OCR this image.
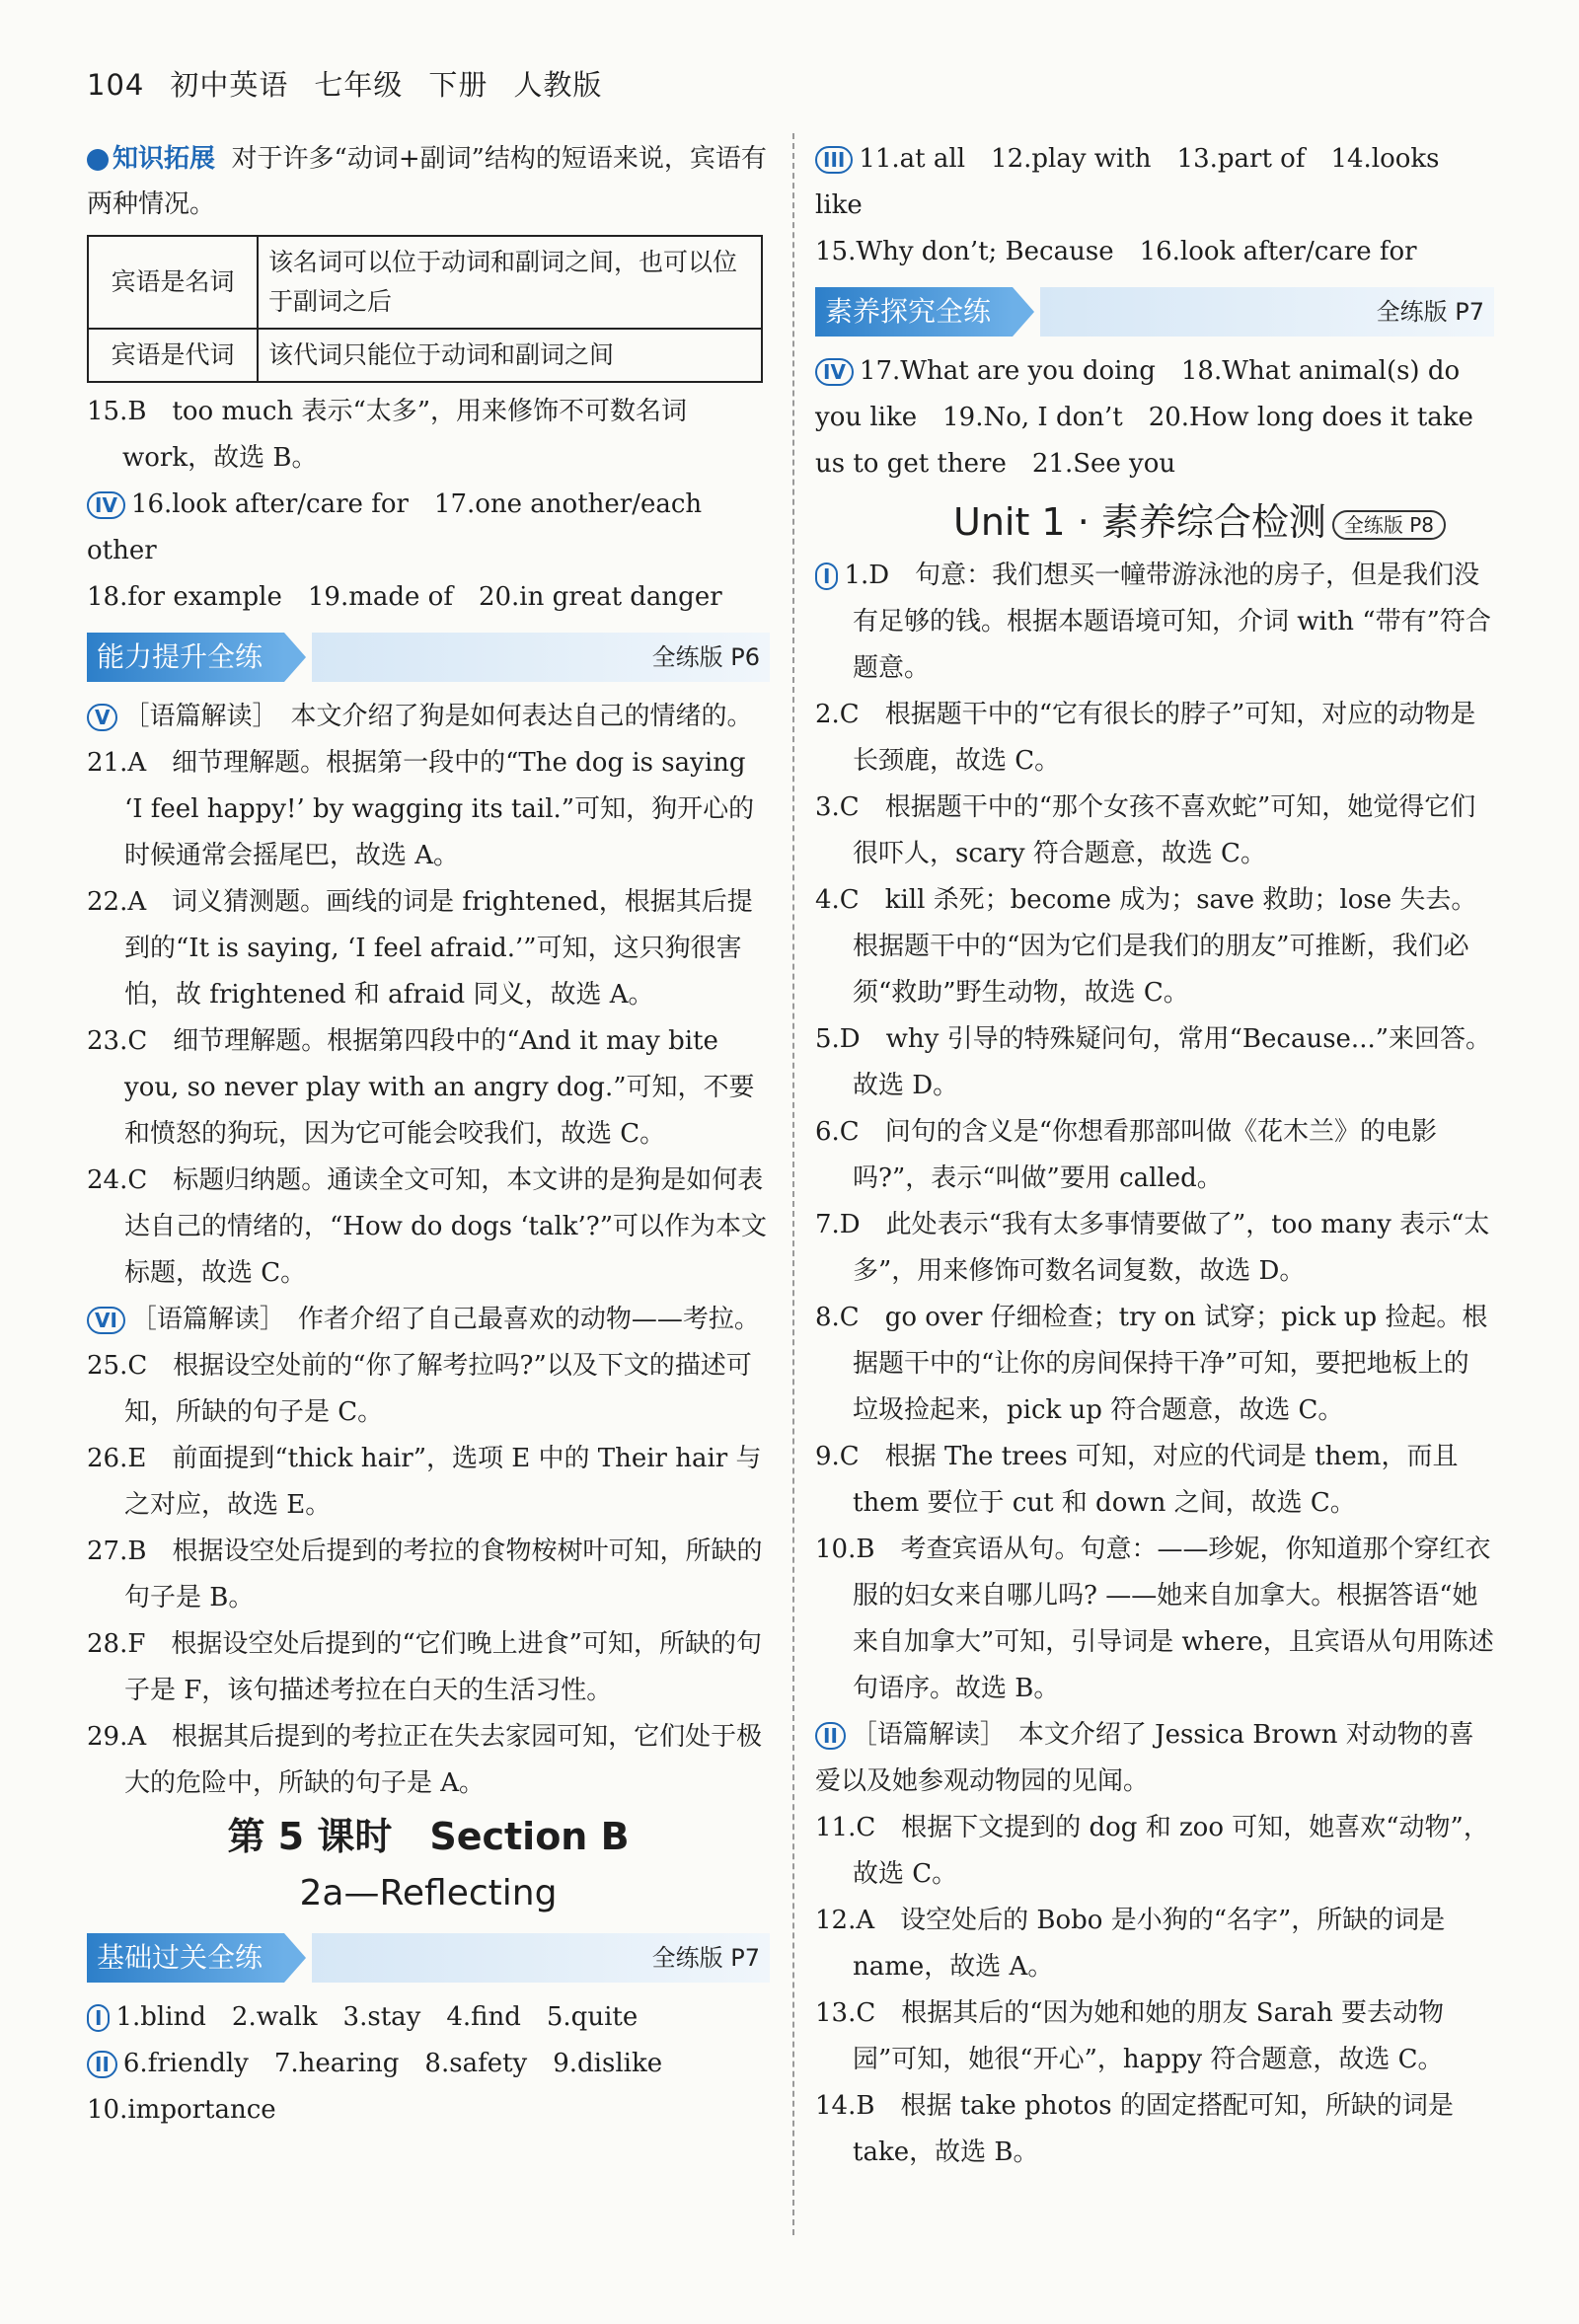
104 初中英语 七年级 下册 人教版

知识拓展 对于许多“动词+副词”结构的短语来说，宾语有两种情况。

宾语是名词	该名词可以位于动词和副词之间，也可以位于副词之后
宾语是代词	该代词只能位于动词和副词之间

15.B　too much 表示“太多”，用来修饰不可数名词 work，故选 B。

IV 16.look after/care for　17.one another/each other

18.for example　19.made of　20.in great danger

能力提升全练	全练版 P6

V ［语篇解读］　本文介绍了狗是如何表达自己的情绪的。

21.A　细节理解题。根据第一段中的“The dog is saying ‘I feel happy!’ by wagging its tail.”可知，狗开心的时候通常会摇尾巴，故选 A。

22.A　词义猜测题。画线的词是 frightened，根据其后提到的“It is saying, ‘I feel afraid.’”可知，这只狗很害怕，故 frightened 和 afraid 同义，故选 A。

23.C　细节理解题。根据第四段中的“And it may bite you, so never play with an angry dog.”可知，不要和愤怒的狗玩，因为它可能会咬我们，故选 C。

24.C　标题归纳题。通读全文可知，本文讲的是狗是如何表达自己的情绪的，“How do dogs ‘talk’?”可以作为本文标题，故选 C。

VI ［语篇解读］　作者介绍了自己最喜欢的动物——考拉。

25.C　根据设空处前的“你了解考拉吗?”以及下文的描述可知，所缺的句子是 C。

26.E　前面提到“thick hair”，选项 E 中的 Their hair 与之对应，故选 E。

27.B　根据设空处后提到的考拉的食物桉树叶可知，所缺的句子是 B。

28.F　根据设空处后提到的“它们晚上进食”可知，所缺的句子是 F，该句描述考拉在白天的生活习性。

29.A　根据其后提到的考拉正在失去家园可知，它们处于极大的危险中，所缺的句子是 A。

第 5 课时　Section B

2a—Reflecting

基础过关全练	全练版 P7

I 1.blind　2.walk　3.stay　4.find　5.quite

II 6.friendly　7.hearing　8.safety　9.dislike

10.importance

III 11.at all　12.play with　13.part of　14.looks like

15.Why don’t; Because　16.look after/care for

素养探究全练	全练版 P7

IV 17.What are you doing　18.What animal(s) do you like　19.No, I don’t　20.How long does it take us to get there　21.See you

Unit 1 · 素养综合检测 全练版 P8

I 1.D　句意：我们想买一幢带游泳池的房子，但是我们没有足够的钱。根据本题语境可知，介词 with “带有”符合题意。

2.C　根据题干中的“它有很长的脖子”可知，对应的动物是长颈鹿，故选 C。

3.C　根据题干中的“那个女孩不喜欢蛇”可知，她觉得它们很吓人，scary 符合题意，故选 C。

4.C　kill 杀死；become 成为；save 救助；lose 失去。根据题干中的“因为它们是我们的朋友”可推断，我们必须“救助”野生动物，故选 C。

5.D　why 引导的特殊疑问句，常用“Because...”来回答。故选 D。

6.C　问句的含义是“你想看那部叫做《花木兰》的电影吗?”，表示“叫做”要用 called。

7.D　此处表示“我有太多事情要做了”，too many 表示“太多”，用来修饰可数名词复数，故选 D。

8.C　go over 仔细检查；try on 试穿；pick up 捡起。根据题干中的“让你的房间保持干净”可知，要把地板上的垃圾捡起来，pick up 符合题意，故选 C。

9.C　根据 The trees 可知，对应的代词是 them，而且 them 要位于 cut 和 down 之间，故选 C。

10.B　考查宾语从句。句意：——珍妮，你知道那个穿红衣服的妇女来自哪儿吗? ——她来自加拿大。根据答语“她来自加拿大”可知，引导词是 where，且宾语从句用陈述句语序。故选 B。

II ［语篇解读］　本文介绍了 Jessica Brown 对动物的喜爱以及她参观动物园的见闻。

11.C　根据下文提到的 dog 和 zoo 可知，她喜欢“动物”，故选 C。

12.A　设空处后的 Bobo 是小狗的“名字”，所缺的词是 name，故选 A。

13.C　根据其后的“因为她和她的朋友 Sarah 要去动物园”可知，她很“开心”，happy 符合题意，故选 C。

14.B　根据 take photos 的固定搭配可知，所缺的词是 take，故选 B。
